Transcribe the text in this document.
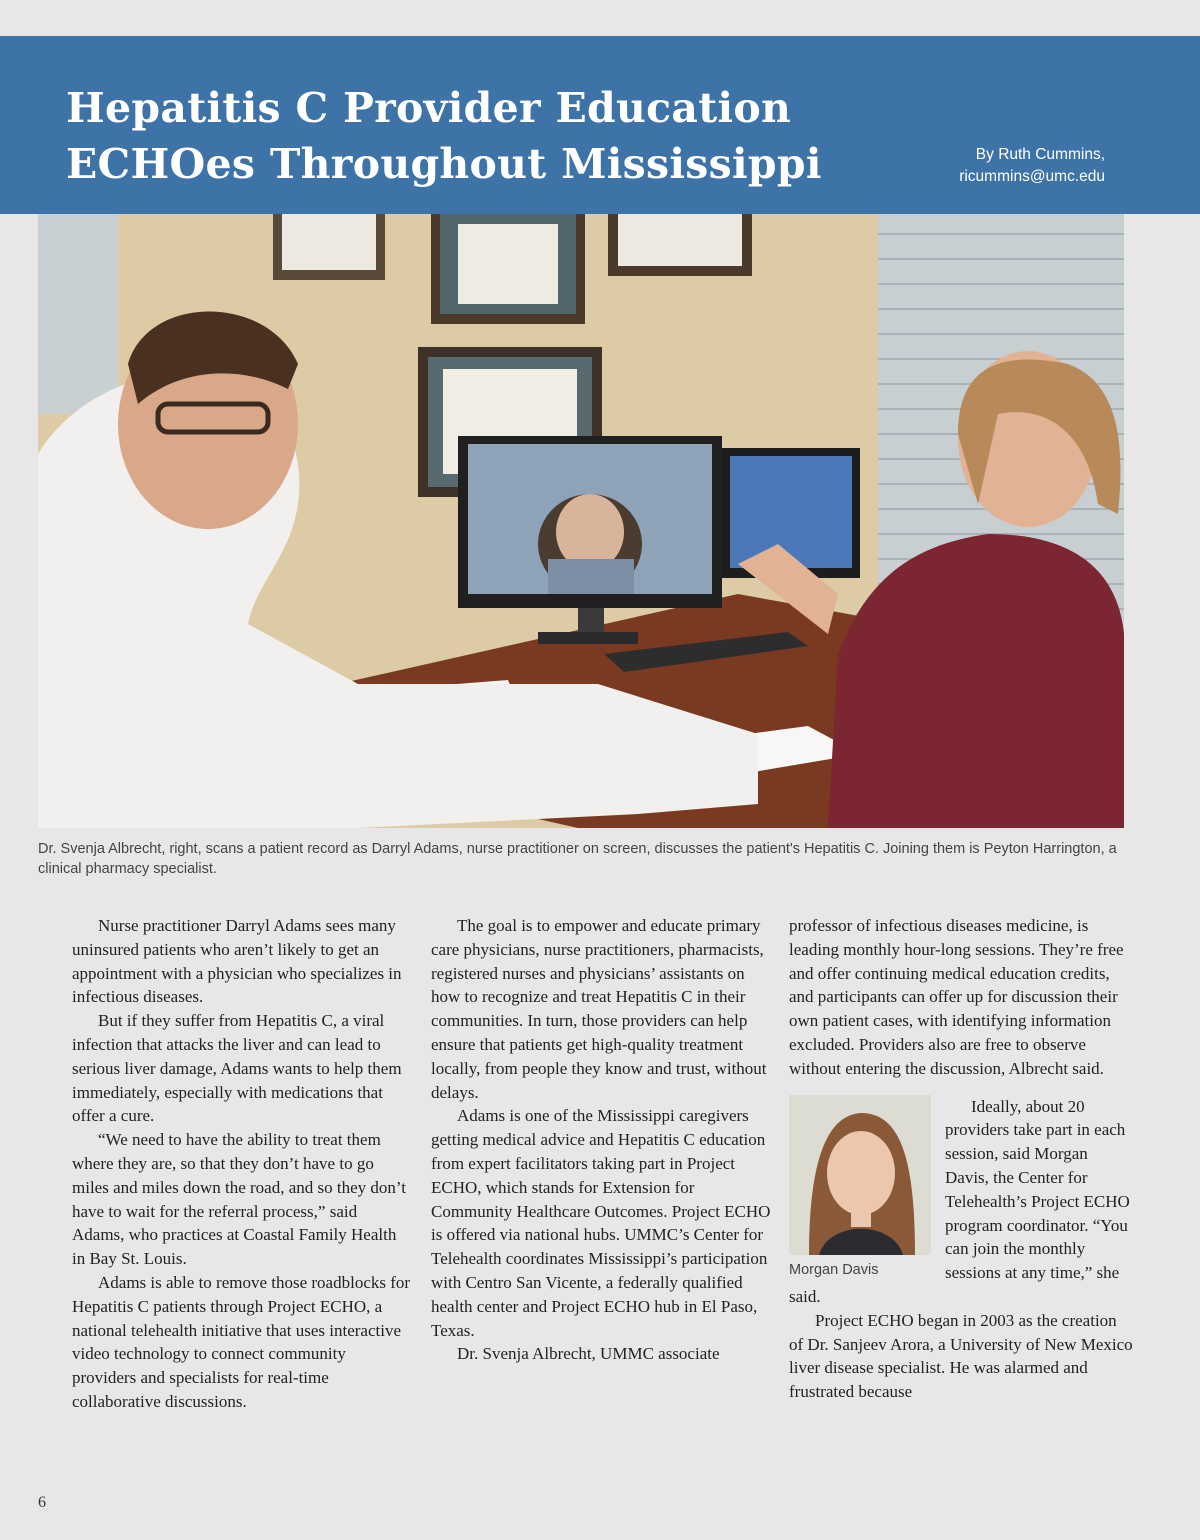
Hepatitis C Provider Education ECHOes Throughout Mississippi	By Ruth Cummins,
ricummins@umc.edu
Dr. Svenja Albrecht, right, scans a patient record as Darryl Adams, nurse practitioner on screen, discusses the patient's Hepatitis C. Joining them is Peyton Harrington, a clinical pharmacy specialist.

Nurse practitioner Darryl Adams sees many uninsured patients who aren’t likely to get an appointment with a physician who specializes in infectious diseases.

But if they suffer from Hepatitis C, a viral infection that attacks the liver and can lead to serious liver damage, Adams wants to help them immediately, especially with medications that offer a cure.

“We need to have the ability to treat them where they are, so that they don’t have to go miles and miles down the road, and so they don’t have to wait for the referral process,” said Adams, who practices at Coastal Family Health in Bay St. Louis.

Adams is able to remove those roadblocks for Hepatitis C patients through Project ECHO, a national telehealth initiative that uses interactive video technology to connect community providers and specialists for real-time collaborative discussions.

The goal is to empower and educate primary care physicians, nurse practitioners, pharmacists, registered nurses and physicians’ assistants on how to recognize and treat Hepatitis C in their communities. In turn, those providers can help ensure that patients get high-quality treatment locally, from people they know and trust, without delays.

Adams is one of the Mississippi caregivers getting medical advice and Hepatitis C education from expert facilitators taking part in Project ECHO, which stands for Extension for Community Healthcare Outcomes. Project ECHO is offered via national hubs. UMMC’s Center for Telehealth coordinates Mississippi’s participation with Centro San Vicente, a federally qualified health center and Project ECHO hub in El Paso, Texas.

Dr. Svenja Albrecht, UMMC associate

professor of infectious diseases medicine, is leading monthly hour-long sessions. They’re free and offer continuing medical education credits, and participants can offer up for discussion their own patient cases, with identifying information excluded. Providers also are free to observe without entering the discussion, Albrecht said.

Morgan Davis

Ideally, about 20 providers take part in each session, said Morgan Davis, the Center for Telehealth’s Project ECHO program coordinator. “You can join the monthly sessions at any time,” she said.

Project ECHO began in 2003 as the creation of Dr. Sanjeev Arora, a University of New Mexico liver disease specialist. He was alarmed and frustrated because

6
